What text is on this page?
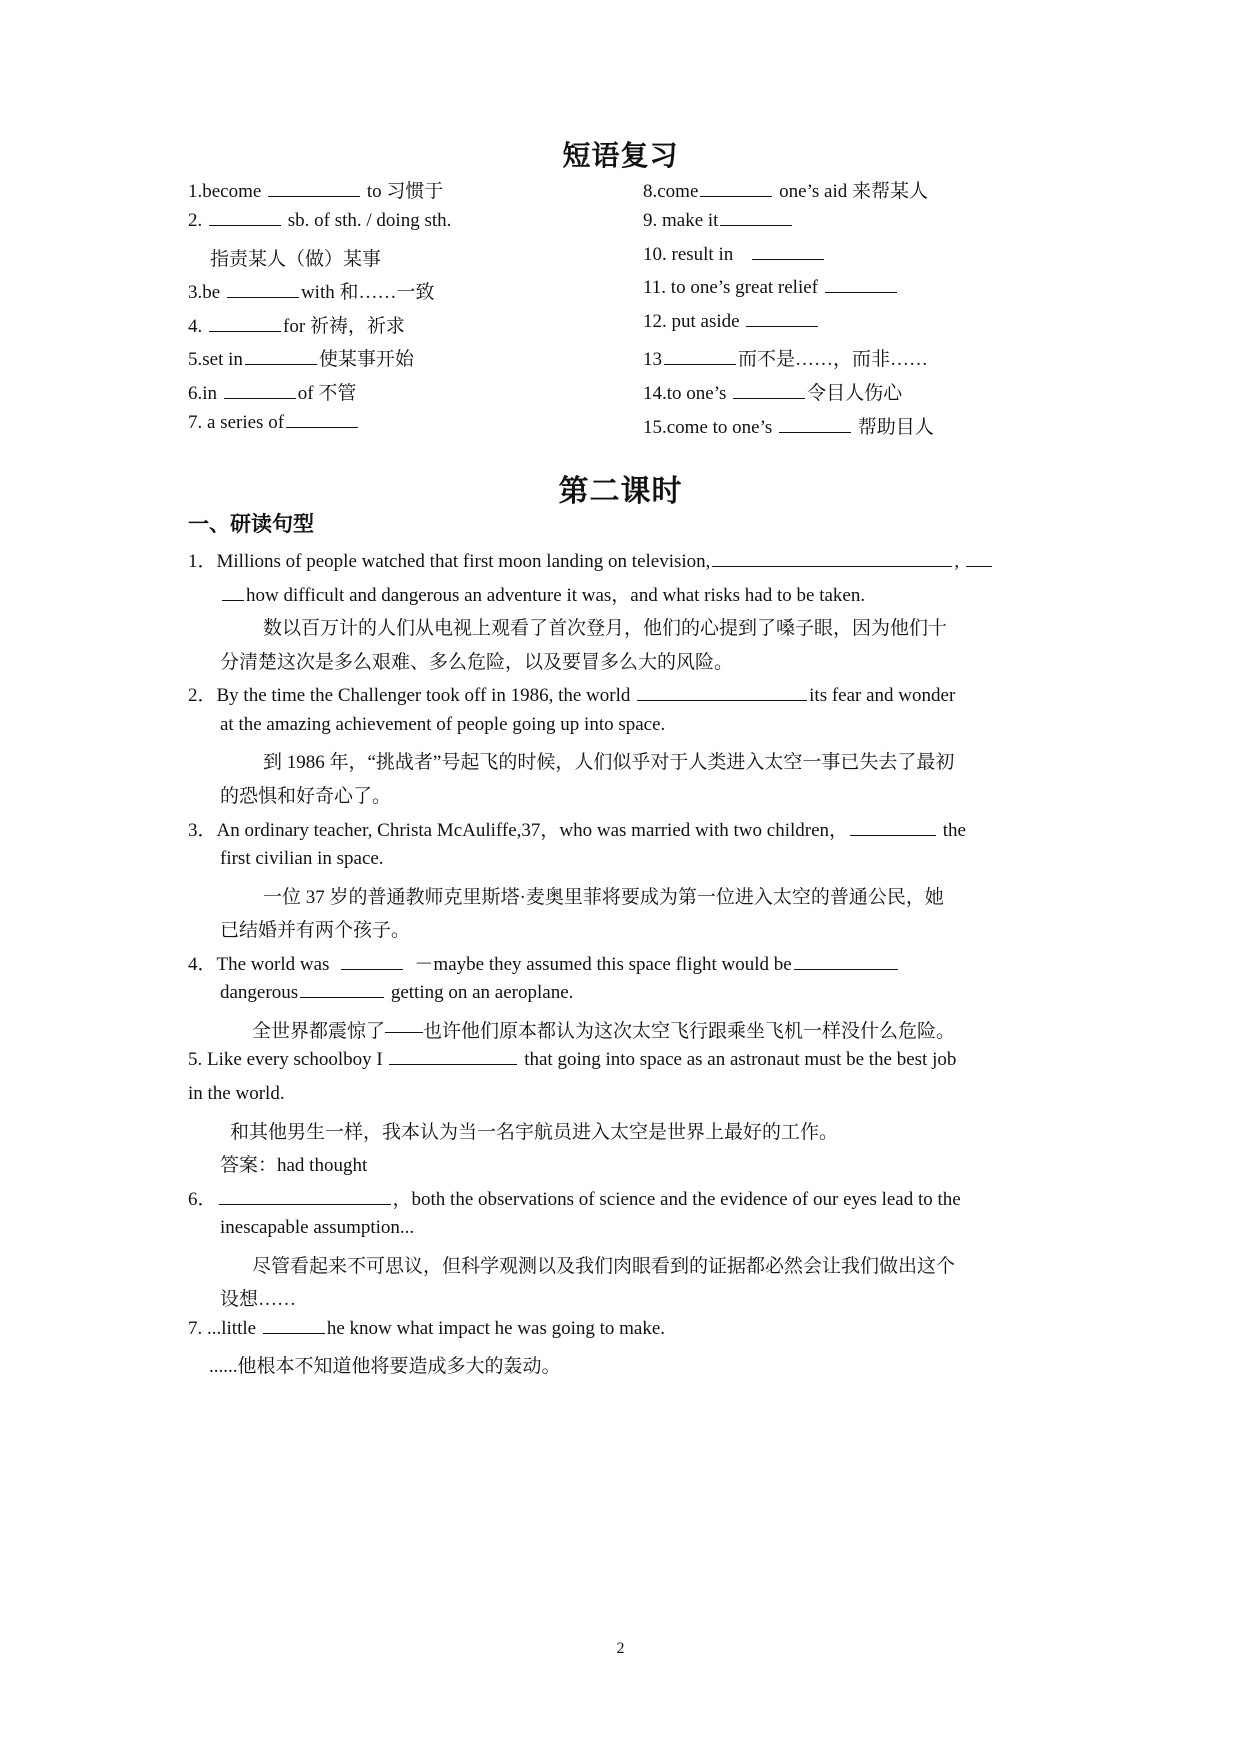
短语复习
1.become	to 习惯于
2.	sb. of sth. / doing sth.
指责某人（做）某事
3.be	with 和……一致
4.	for 祈祷，祈求
5.set in	使某事开始
6.in	of 不管
7. a series of
8.come	one’s aid 来帮某人
9. make it
10. result in
11. to one’s great relief
12. put aside
13	而不是……，而非……
14.to one’s	令目人伤心
15.come to one’s	帮助目人
第二课时
一、研读句型
1．Millions of people watched that first moon landing on television,	,
how difficult and dangerous an adventure it was，and what risks had to be taken.
数以百万计的人们从电视上观看了首次登月，他们的心提到了嗓子眼，因为他们十
分清楚这次是多么艰难、多么危险，以及要冒多么大的风险。
2．By the time the Challenger took off in 1986, the world	its fear and wonder
at the amazing achievement of people going up into space.
到 1986 年，“挑战者”号起飞的时候，人们似乎对于人类进入太空一事已失去了最初
的恐惧和好奇心了。
3．An ordinary teacher, Christa McAuliffe,37，who was married with two children，	the
first civilian in space.
一位 37 岁的普通教师克里斯塔·麦奥里菲将要成为第一位进入太空的普通公民，她
已结婚并有两个孩子。
4．The world was	－maybe they assumed this space flight would be
dangerous	getting on an aeroplane.
全世界都震惊了——也许他们原本都认为这次太空飞行跟乘坐飞机一样没什么危险。
5. Like every schoolboy I	that going into space as an astronaut must be the best job
in the world.
和其他男生一样，我本认为当一名宇航员进入太空是世界上最好的工作。
答案：had thought
6．	，both the observations of science and the evidence of our eyes lead to the
inescapable assumption...
尽管看起来不可思议，但科学观测以及我们肉眼看到的证据都必然会让我们做出这个
设想……
7. ...little	he know what impact he was going to make.
......他根本不知道他将要造成多大的轰动。
2
